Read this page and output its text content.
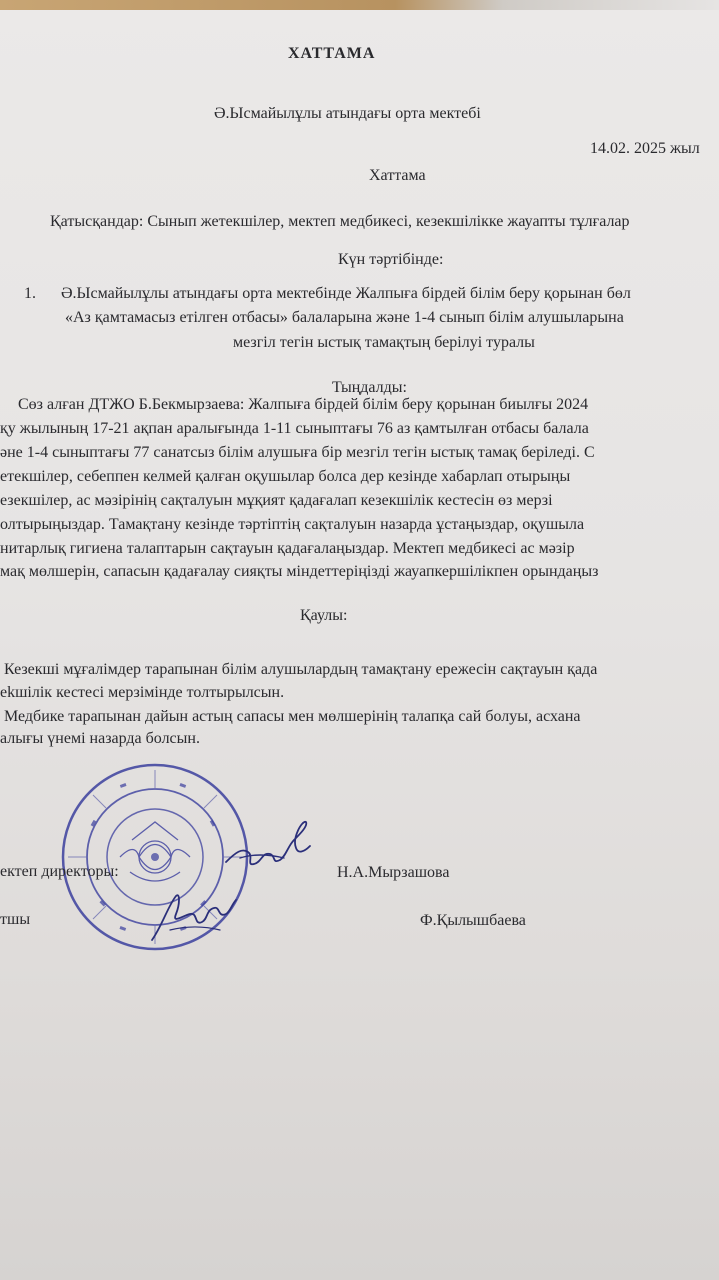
ХАТТАМА
Ә.Ысмайылұлы атындағы орта мектебі
14.02. 2025 жыл
Хаттама
Қатысқандар: Сынып жетекшілер, мектеп медбикесі, кезекшілікке жауапты тұлғалар
Күн тәртібінде:
1. Ә.Ысмайылұлы атындағы орта мектебінде Жалпыға бірдей білім беру қорынан бөл
«Аз қамтамасыз етілген отбасы» балаларына және 1-4 сынып білім алушыларына
мезгіл тегін ыстық тамақтың берілуі туралы
Тыңдалды:
Сөз алған ДТЖО Б.Бекмырзаева: Жалпыға бірдей білім беру қорынан биылғы 2024
қу жылының 17-21 ақпан аралығында 1-11 сыныптағы 76 аз қамтылған отбасы балала
әне 1-4 сыныптағы 77 санатсыз білім алушыға бір мезгіл тегін ыстық тамақ беріледі. С
етекшілер, себеппен келмей қалған оқушылар болса дер кезінде хабарлап отырыңы
езекшілер, ас мәзірінің сақталуын мұқият қадағалап кезекшілік кестесін өз мерзі
олтырыңыздар. Тамақтану кезінде тәртіптің сақталуын назарда ұстаңыздар, оқушыла
нитарлық гигиена талаптарын сақтауын қадағалаңыздар. Мектеп медбикесі ас мәзір
мақ мөлшерін, сапасын қадағалау сияқты міндеттеріңізді жауапкершілікпен орындаңыз
Қаулы:
Кезекші мұғалімдер тарапынан білім алушылардың тамақтану ережесін сақтауын қада
ekшілік кестесі мерзімінде толтырылсын.
Медбике тарапынан дайын астың сапасы мен мөлшерінің талапқа сай болуы, асхана
алығы үнемі назарда болсын.
ектеп директоры:	Н.А.Мырзашова
тшы	Ф.Қылышбаева
